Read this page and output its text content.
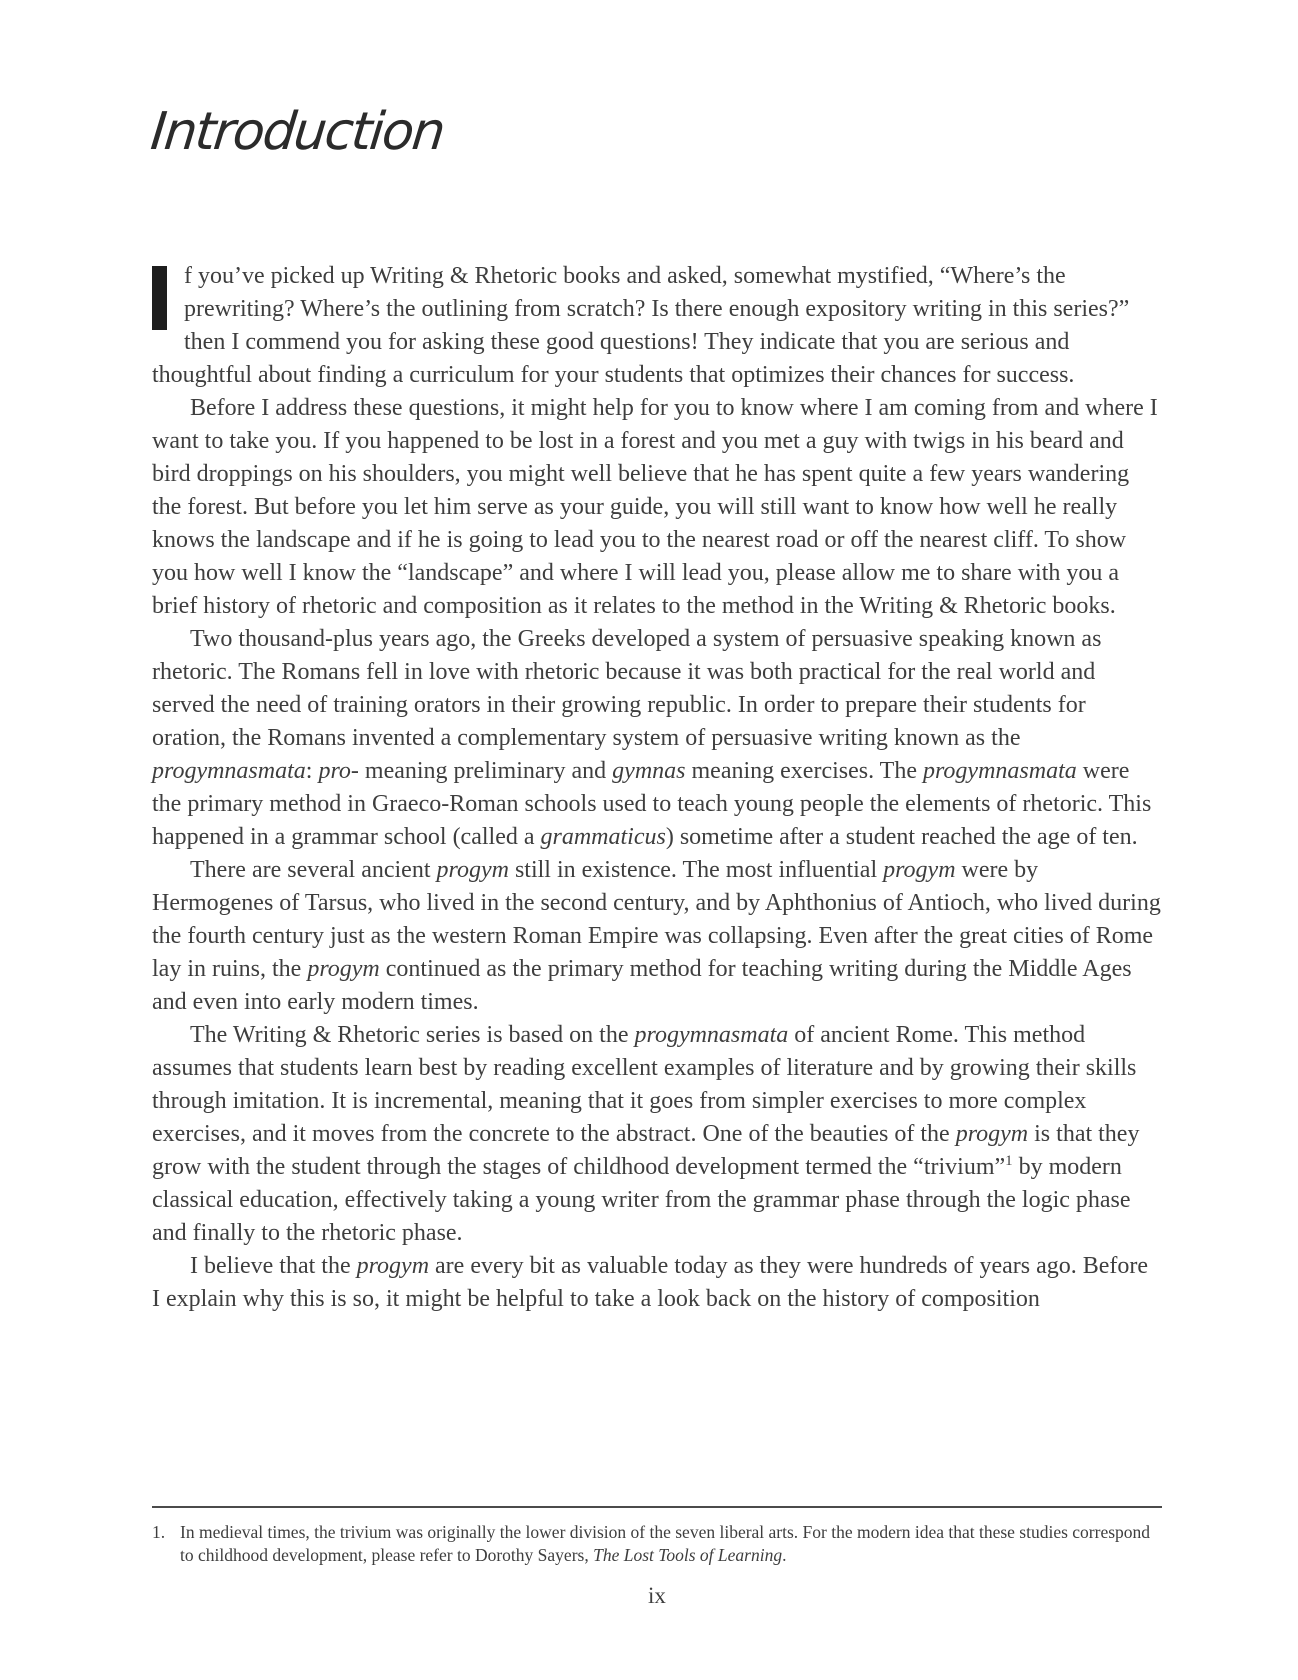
Introduction

f you’ve picked up Writing & Rhetoric books and asked, somewhat mystified, “Where’s the prewriting? Where’s the outlining from scratch? Is there enough expository writing in this series?” then I commend you for asking these good questions! They indicate that you are serious and thoughtful about finding a curriculum for your students that optimizes their chances for success.

Before I address these questions, it might help for you to know where I am coming from and where I want to take you. If you happened to be lost in a forest and you met a guy with twigs in his beard and bird droppings on his shoulders, you might well believe that he has spent quite a few years wandering the forest. But before you let him serve as your guide, you will still want to know how well he really knows the landscape and if he is going to lead you to the nearest road or off the nearest cliff. To show you how well I know the “landscape” and where I will lead you, please allow me to share with you a brief history of rhetoric and composition as it relates to the method in the Writing & Rhetoric books.

Two thousand-plus years ago, the Greeks developed a system of persuasive speaking known as rhetoric. The Romans fell in love with rhetoric because it was both practical for the real world and served the need of training orators in their growing republic. In order to prepare their students for oration, the Romans invented a complementary system of persuasive writing known as the progymnasmata: pro- meaning preliminary and gymnas meaning exercises. The progymnasmata were the primary method in Graeco-Roman schools used to teach young people the elements of rhetoric. This happened in a grammar school (called a grammaticus) sometime after a student reached the age of ten.

There are several ancient progym still in existence. The most influential progym were by Hermogenes of Tarsus, who lived in the second century, and by Aphthonius of Antioch, who lived during the fourth century just as the western Roman Empire was collapsing. Even after the great cities of Rome lay in ruins, the progym continued as the primary method for teaching writing during the Middle Ages and even into early modern times.

The Writing & Rhetoric series is based on the progymnasmata of ancient Rome. This method assumes that students learn best by reading excellent examples of literature and by growing their skills through imitation. It is incremental, meaning that it goes from simpler exercises to more complex exercises, and it moves from the concrete to the abstract. One of the beauties of the progym is that they grow with the student through the stages of childhood development termed the “trivium”$^1$ by modern classical education, effectively taking a young writer from the grammar phase through the logic phase and finally to the rhetoric phase.

I believe that the progym are every bit as valuable today as they were hundreds of years ago. Before I explain why this is so, it might be helpful to take a look back on the history of composition

1. In medieval times, the trivium was originally the lower division of the seven liberal arts. For the modern idea that these studies correspond to childhood development, please refer to Dorothy Sayers, The Lost Tools of Learning.
ix
